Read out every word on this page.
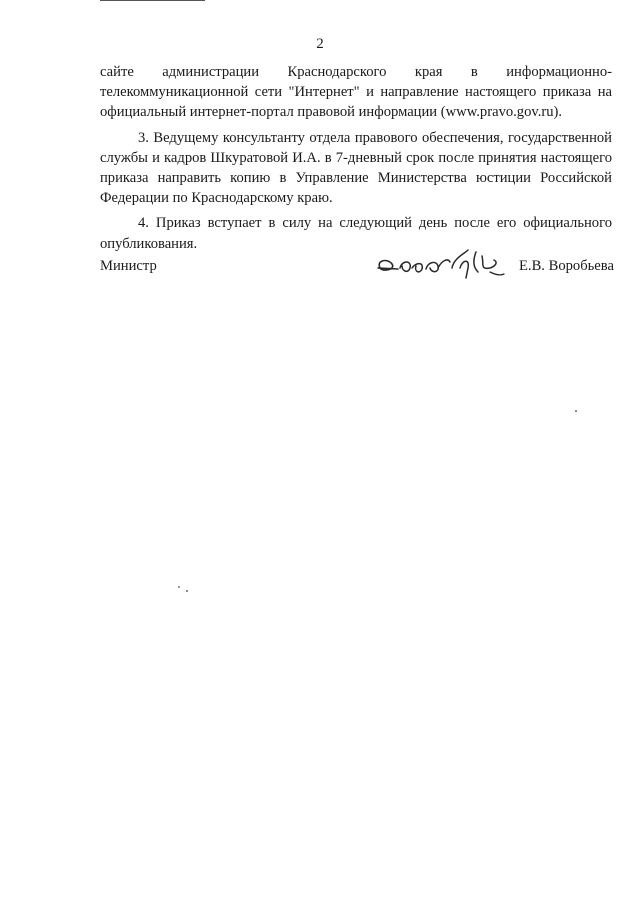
2

сайте администрации Краснодарского края в информационно-телекоммуникационной сети "Интернет" и направление настоящего приказа на официальный интернет-портал правовой информации (www.pravo.gov.ru).

3. Ведущему консультанту отдела правового обеспечения, государственной службы и кадров Шкуратовой И.А. в 7-дневный срок после принятия настоящего приказа направить копию в Управление Министерства юстиции Российской Федерации по Краснодарскому краю.

4. Приказ вступает в силу на следующий день после его официального опубликования.

Министр	Е.В. Воробьева
